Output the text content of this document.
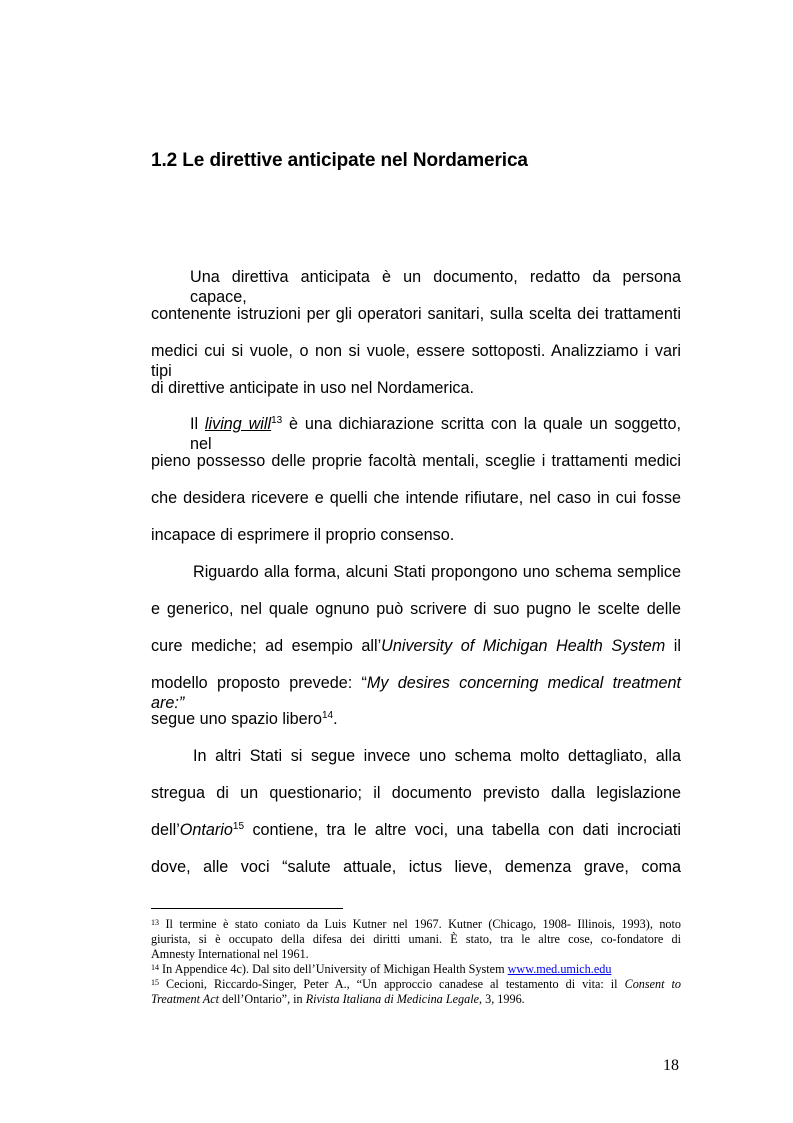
1.2 Le direttive anticipate nel Nordamerica
Una direttiva anticipata è un documento, redatto da persona capace,
contenente istruzioni per gli operatori sanitari, sulla scelta dei trattamenti
medici cui si vuole, o non si vuole, essere sottoposti. Analizziamo i vari tipi
di direttive anticipate in uso nel Nordamerica.
Il living will$^{13}$ è una dichiarazione scritta con la quale un soggetto, nel
pieno possesso delle proprie facoltà mentali, sceglie i trattamenti medici
che desidera ricevere e quelli che intende rifiutare, nel caso in cui fosse
incapace di esprimere il proprio consenso.
Riguardo alla forma, alcuni Stati propongono uno schema semplice
e generico, nel quale ognuno può scrivere di suo pugno le scelte delle
cure mediche; ad esempio all’University of Michigan Health System il
modello proposto prevede: “My desires concerning medical treatment are:”
segue uno spazio libero$^{14}$.
In altri Stati si segue invece uno schema molto dettagliato, alla
stregua di un questionario; il documento previsto dalla legislazione
dell’Ontario$^{15}$ contiene, tra le altre voci, una tabella con dati incrociati
dove, alle voci “salute attuale, ictus lieve, demenza grave, coma
$^{13}$ Il termine è stato coniato da Luis Kutner nel 1967. Kutner (Chicago, 1908- Illinois, 1993), noto
giurista, si è occupato della difesa dei diritti umani. È stato, tra le altre cose, co-fondatore di
Amnesty International nel 1961.
$^{14}$ In Appendice 4c). Dal sito dell’University of Michigan Health System www.med.umich.edu
$^{15}$ Cecioni, Riccardo-Singer, Peter A., “Un approccio canadese al testamento di vita: il Consent to
Treatment Act dell’Ontario”, in Rivista Italiana di Medicina Legale, 3, 1996.
18
